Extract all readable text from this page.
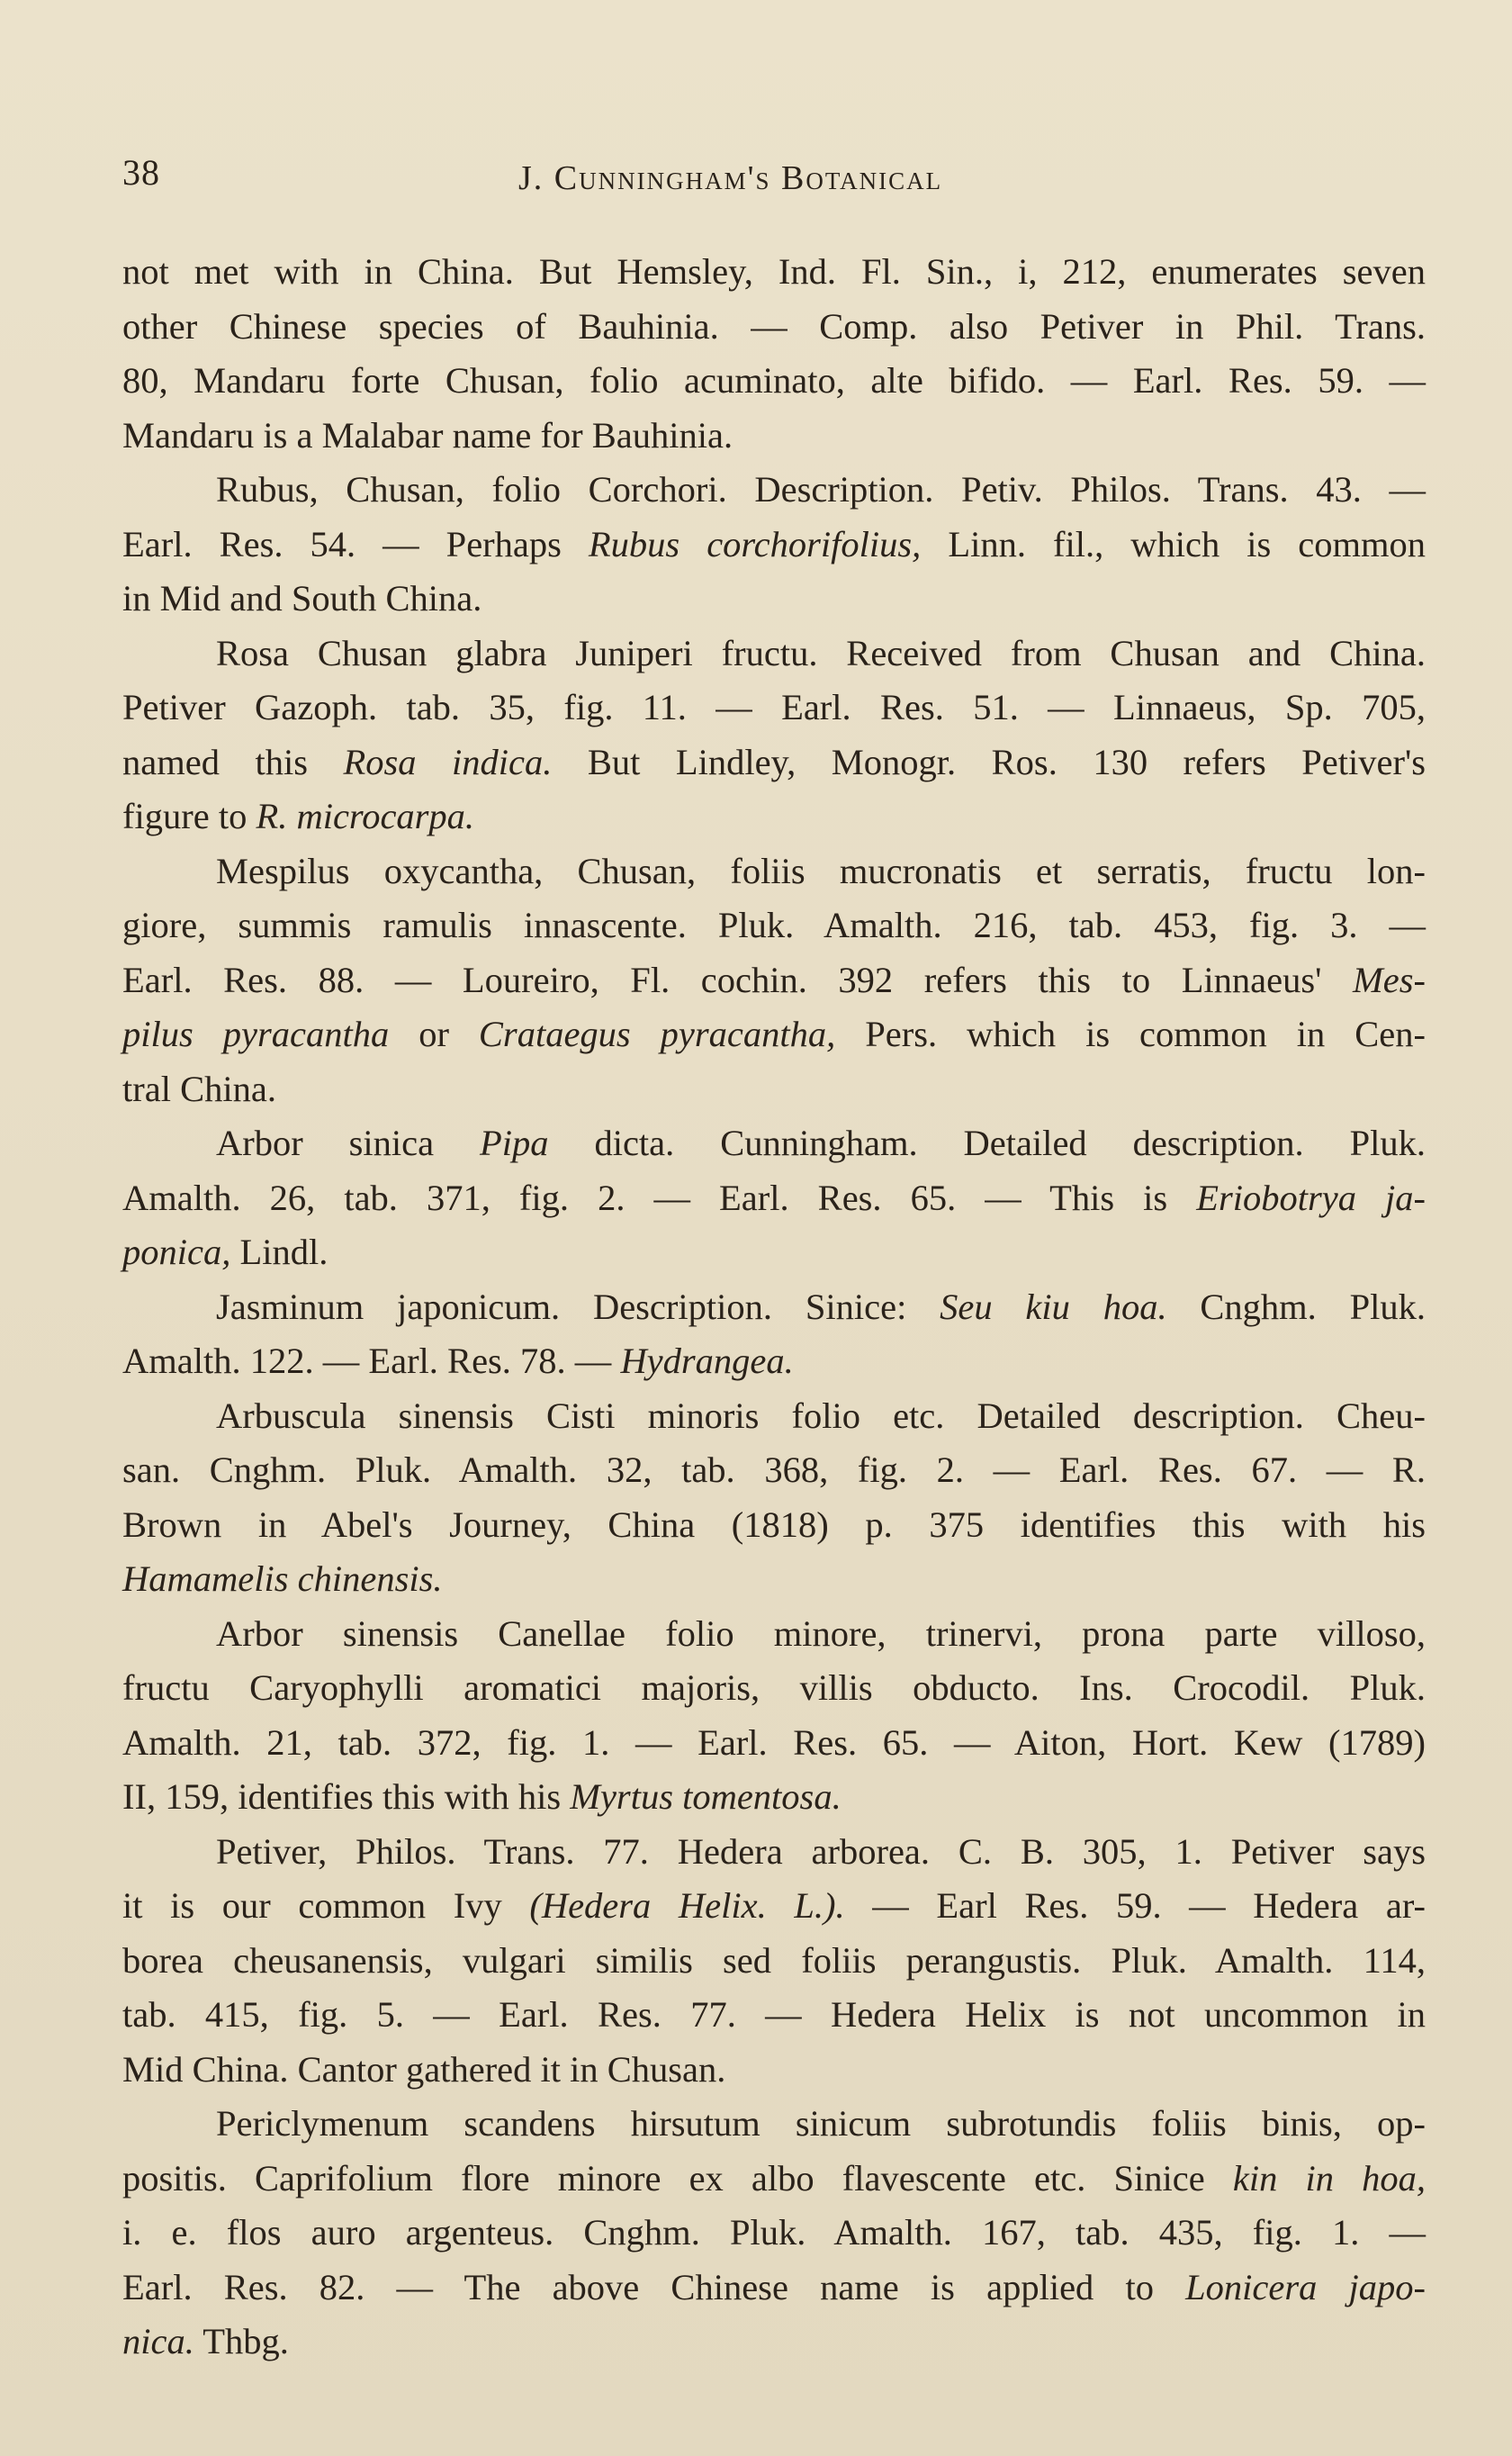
38	J. Cunningham's Botanical
not met with in China. But Hemsley, Ind. Fl. Sin., i, 212, enumerates seven
other Chinese species of Bauhinia. — Comp. also Petiver in Phil. Trans.
80, Mandaru forte Chusan, folio acuminato, alte bifido. — Earl. Res. 59. —
Mandaru is a Malabar name for Bauhinia.
Rubus, Chusan, folio Corchori. Description. Petiv. Philos. Trans. 43. —
Earl. Res. 54. — Perhaps Rubus corchorifolius, Linn. fil., which is common
in Mid and South China.
Rosa Chusan glabra Juniperi fructu. Received from Chusan and China.
Petiver Gazoph. tab. 35, fig. 11. — Earl. Res. 51. — Linnaeus, Sp. 705,
named this Rosa indica. But Lindley, Monogr. Ros. 130 refers Petiver's
figure to R. microcarpa.
Mespilus oxycantha, Chusan, foliis mucronatis et serratis, fructu lon-
giore, summis ramulis innascente. Pluk. Amalth. 216, tab. 453, fig. 3. —
Earl. Res. 88. — Loureiro, Fl. cochin. 392 refers this to Linnaeus' Mes-
pilus pyracantha or Crataegus pyracantha, Pers. which is common in Cen-
tral China.
Arbor sinica Pipa dicta. Cunningham. Detailed description. Pluk.
Amalth. 26, tab. 371, fig. 2. — Earl. Res. 65. — This is Eriobotrya ja-
ponica, Lindl.
Jasminum japonicum. Description. Sinice: Seu kiu hoa. Cnghm. Pluk.
Amalth. 122. — Earl. Res. 78. — Hydrangea.
Arbuscula sinensis Cisti minoris folio etc. Detailed description. Cheu-
san. Cnghm. Pluk. Amalth. 32, tab. 368, fig. 2. — Earl. Res. 67. — R.
Brown in Abel's Journey, China (1818) p. 375 identifies this with his
Hamamelis chinensis.
Arbor sinensis Canellae folio minore, trinervi, prona parte villoso,
fructu Caryophylli aromatici majoris, villis obducto. Ins. Crocodil. Pluk.
Amalth. 21, tab. 372, fig. 1. — Earl. Res. 65. — Aiton, Hort. Kew (1789)
II, 159, identifies this with his Myrtus tomentosa.
Petiver, Philos. Trans. 77. Hedera arborea. C. B. 305, 1. Petiver says
it is our common Ivy (Hedera Helix. L.). — Earl Res. 59. — Hedera ar-
borea cheusanensis, vulgari similis sed foliis perangustis. Pluk. Amalth. 114,
tab. 415, fig. 5. — Earl. Res. 77. — Hedera Helix is not uncommon in
Mid China. Cantor gathered it in Chusan.
Periclymenum scandens hirsutum sinicum subrotundis foliis binis, op-
positis. Caprifolium flore minore ex albo flavescente etc. Sinice kin in hoa,
i. e. flos auro argenteus. Cnghm. Pluk. Amalth. 167, tab. 435, fig. 1. —
Earl. Res. 82. — The above Chinese name is applied to Lonicera japo-
nica. Thbg.
